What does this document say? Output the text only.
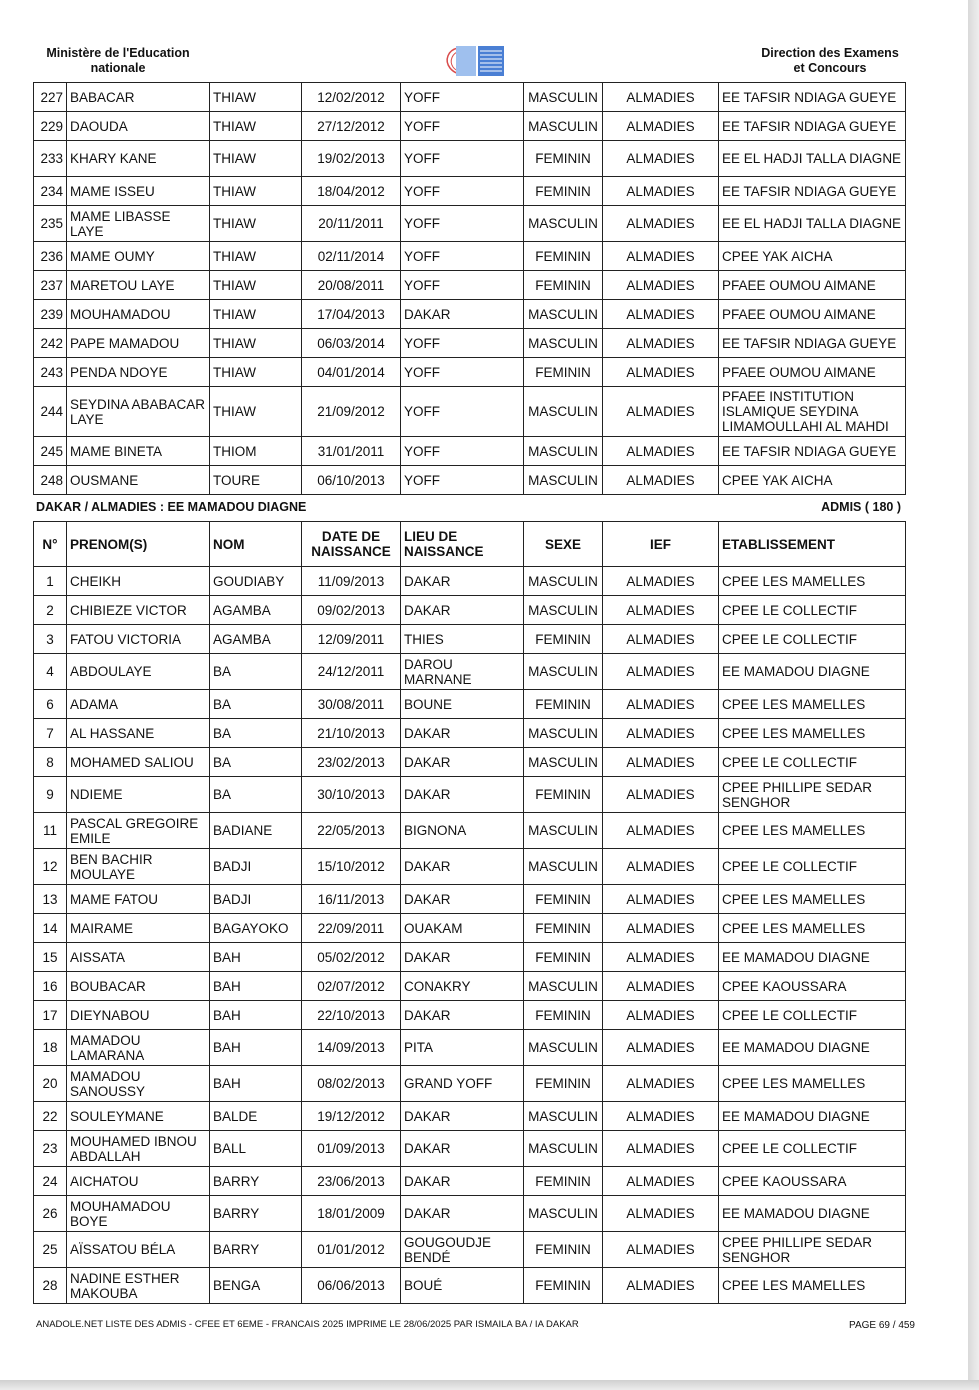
Ministère de l'Education
nationale
Direction des Examens
et Concours
227	BABACAR	THIAW	12/02/2012	YOFF	MASCULIN	ALMADIES	EE TAFSIR NDIAGA GUEYE
229	DAOUDA	THIAW	27/12/2012	YOFF	MASCULIN	ALMADIES	EE TAFSIR NDIAGA GUEYE
233	KHARY KANE	THIAW	19/02/2013	YOFF	FEMININ	ALMADIES	EE EL HADJI TALLA DIAGNE
234	MAME ISSEU	THIAW	18/04/2012	YOFF	FEMININ	ALMADIES	EE TAFSIR NDIAGA GUEYE
235	MAME LIBASSE LAYE	THIAW	20/11/2011	YOFF	MASCULIN	ALMADIES	EE EL HADJI TALLA DIAGNE
236	MAME OUMY	THIAW	02/11/2014	YOFF	FEMININ	ALMADIES	CPEE YAK AICHA
237	MARETOU LAYE	THIAW	20/08/2011	YOFF	FEMININ	ALMADIES	PFAEE OUMOU AIMANE
239	MOUHAMADOU	THIAW	17/04/2013	DAKAR	MASCULIN	ALMADIES	PFAEE OUMOU AIMANE
242	PAPE MAMADOU	THIAW	06/03/2014	YOFF	MASCULIN	ALMADIES	EE TAFSIR NDIAGA GUEYE
243	PENDA NDOYE	THIAW	04/01/2014	YOFF	FEMININ	ALMADIES	PFAEE OUMOU AIMANE
244	SEYDINA ABABACAR LAYE	THIAW	21/09/2012	YOFF	MASCULIN	ALMADIES	PFAEE INSTITUTION ISLAMIQUE SEYDINA LIMAMOULLAHI AL MAHDI
245	MAME BINETA	THIOM	31/01/2011	YOFF	MASCULIN	ALMADIES	EE TAFSIR NDIAGA GUEYE
248	OUSMANE	TOURE	06/10/2013	YOFF	MASCULIN	ALMADIES	CPEE YAK AICHA
DAKAR / ALMADIES : EE MAMADOU DIAGNE	ADMIS ( 180 )
N°	PRENOM(S)	NOM	DATE DE NAISSANCE	LIEU DE NAISSANCE	SEXE	IEF	ETABLISSEMENT
1	CHEIKH	GOUDIABY	11/09/2013	DAKAR	MASCULIN	ALMADIES	CPEE LES MAMELLES
2	CHIBIEZE VICTOR	AGAMBA	09/02/2013	DAKAR	MASCULIN	ALMADIES	CPEE LE COLLECTIF
3	FATOU VICTORIA	AGAMBA	12/09/2011	THIES	FEMININ	ALMADIES	CPEE LE COLLECTIF
4	ABDOULAYE	BA	24/12/2011	DAROU MARNANE	MASCULIN	ALMADIES	EE MAMADOU DIAGNE
6	ADAMA	BA	30/08/2011	BOUNE	FEMININ	ALMADIES	CPEE LES MAMELLES
7	AL HASSANE	BA	21/10/2013	DAKAR	MASCULIN	ALMADIES	CPEE LES MAMELLES
8	MOHAMED SALIOU	BA	23/02/2013	DAKAR	MASCULIN	ALMADIES	CPEE LE COLLECTIF
9	NDIEME	BA	30/10/2013	DAKAR	FEMININ	ALMADIES	CPEE PHILLIPE SEDAR SENGHOR
11	PASCAL GREGOIRE EMILE	BADIANE	22/05/2013	BIGNONA	MASCULIN	ALMADIES	CPEE LES MAMELLES
12	BEN BACHIR MOULAYE	BADJI	15/10/2012	DAKAR	MASCULIN	ALMADIES	CPEE LE COLLECTIF
13	MAME FATOU	BADJI	16/11/2013	DAKAR	FEMININ	ALMADIES	CPEE LES MAMELLES
14	MAIRAME	BAGAYOKO	22/09/2011	OUAKAM	FEMININ	ALMADIES	CPEE LES MAMELLES
15	AISSATA	BAH	05/02/2012	DAKAR	FEMININ	ALMADIES	EE MAMADOU DIAGNE
16	BOUBACAR	BAH	02/07/2012	CONAKRY	MASCULIN	ALMADIES	CPEE KAOUSSARA
17	DIEYNABOU	BAH	22/10/2013	DAKAR	FEMININ	ALMADIES	CPEE LE COLLECTIF
18	MAMADOU LAMARANA	BAH	14/09/2013	PITA	MASCULIN	ALMADIES	EE MAMADOU DIAGNE
20	MAMADOU SANOUSSY	BAH	08/02/2013	GRAND YOFF	FEMININ	ALMADIES	CPEE LES MAMELLES
22	SOULEYMANE	BALDE	19/12/2012	DAKAR	MASCULIN	ALMADIES	EE MAMADOU DIAGNE
23	MOUHAMED IBNOU ABDALLAH	BALL	01/09/2013	DAKAR	MASCULIN	ALMADIES	CPEE LE COLLECTIF
24	AICHATOU	BARRY	23/06/2013	DAKAR	FEMININ	ALMADIES	CPEE KAOUSSARA
26	MOUHAMADOU BOYE	BARRY	18/01/2009	DAKAR	MASCULIN	ALMADIES	EE MAMADOU DIAGNE
25	AÏSSATOU BÉLA	BARRY	01/01/2012	GOUGOUDJE BENDÉ	FEMININ	ALMADIES	CPEE PHILLIPE SEDAR SENGHOR
28	NADINE ESTHER MAKOUBA	BENGA	06/06/2013	BOUÉ	FEMININ	ALMADIES	CPEE LES MAMELLES
ANADOLE.NET LISTE DES ADMIS - CFEE ET 6EME - FRANCAIS 2025 IMPRIME LE 28/06/2025 PAR ISMAILA BA / IA DAKAR	PAGE 69 / 459
